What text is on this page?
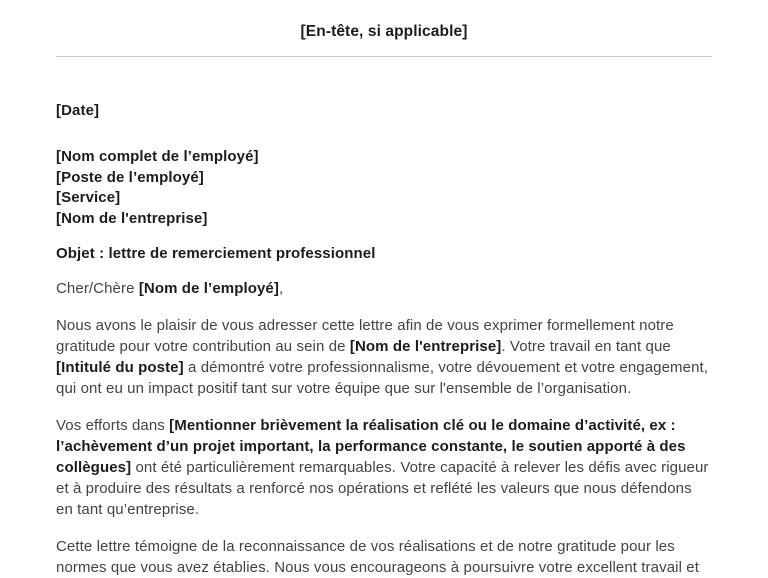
[En-tête, si applicable]
[Date]
[Nom complet de l’employé]
[Poste de l’employé]
[Service]
[Nom de l'entreprise]
Objet : lettre de remerciement professionnel
Cher/Chère [Nom de l’employé],

Nous avons le plaisir de vous adresser cette lettre afin de vous exprimer formellement notre gratitude pour votre contribution au sein de [Nom de l'entreprise]. Votre travail en tant que [Intitulé du poste] a démontré votre professionnalisme, votre dévouement et votre engagement, qui ont eu un impact positif tant sur votre équipe que sur l'ensemble de l’organisation.

Vos efforts dans [Mentionner brièvement la réalisation clé ou le domaine d’activité, ex : l’achèvement d’un projet important, la performance constante, le soutien apporté à des collègues] ont été particulièrement remarquables. Votre capacité à relever les défis avec rigueur et à produire des résultats a renforcé nos opérations et reflété les valeurs que nous défendons en tant qu’entreprise.

Cette lettre témoigne de la reconnaissance de vos réalisations et de notre gratitude pour les normes que vous avez établies. Nous vous encourageons à poursuivre votre excellent travail et
